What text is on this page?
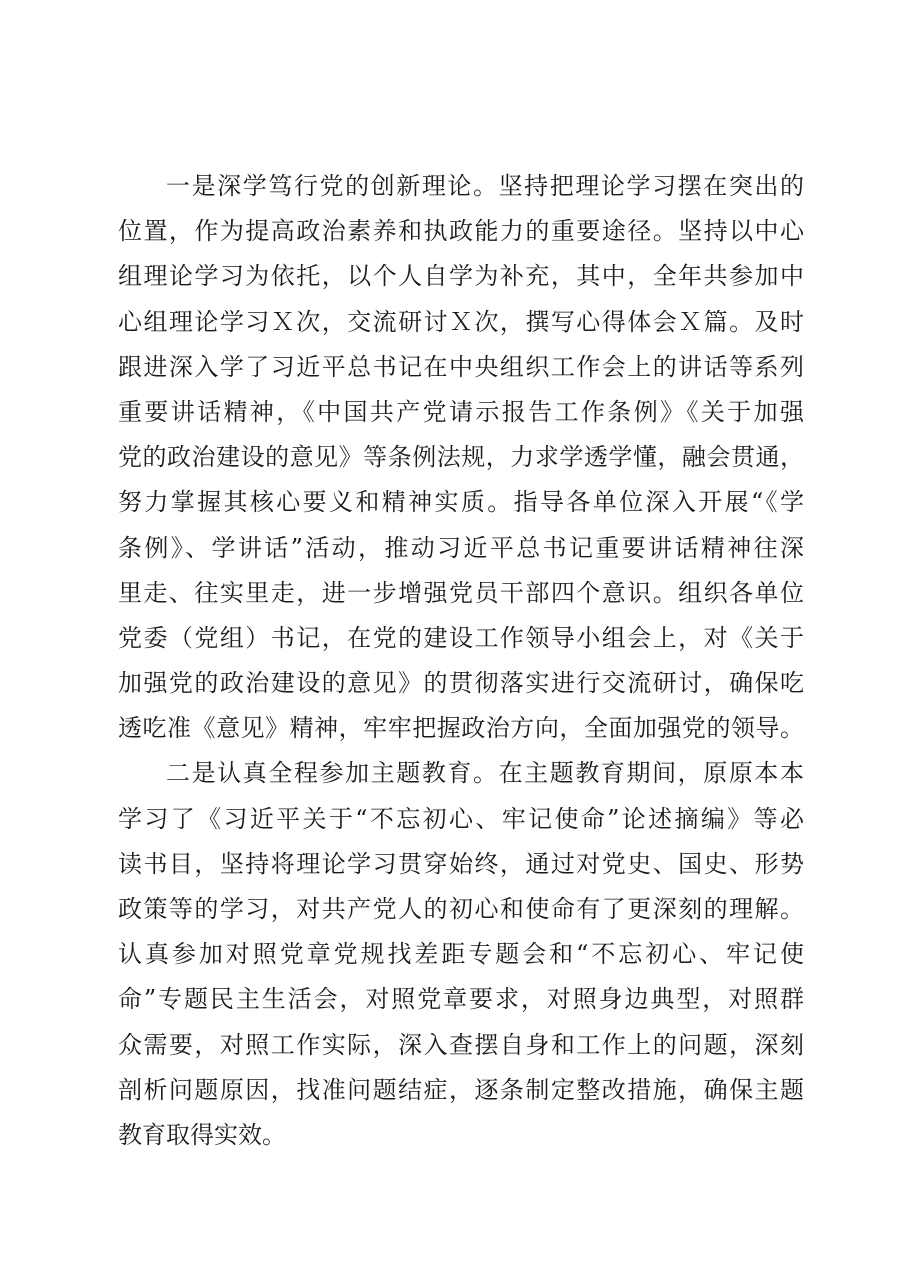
一是深学笃行党的创新理论。坚持把理论学习摆在突出的
位置，作为提高政治素养和执政能力的重要途径。坚持以中心
组理论学习为依托，以个人自学为补充，其中，全年共参加中
心组理论学习Ｘ次，交流研讨Ｘ次，撰写心得体会Ｘ篇。及时
跟进深入学了习近平总书记在中央组织工作会上的讲话等系列
重要讲话精神，《中国共产党请示报告工作条例》《关于加强
党的政治建设的意见》等条例法规，力求学透学懂，融会贯通，
努力掌握其核心要义和精神实质。指导各单位深入开展“《学
条例》、学讲话”活动，推动习近平总书记重要讲话精神往深
里走、往实里走，进一步增强党员干部四个意识。组织各单位
党委（党组）书记，在党的建设工作领导小组会上，对《关于
加强党的政治建设的意见》的贯彻落实进行交流研讨，确保吃
透吃准《意见》精神，牢牢把握政治方向，全面加强党的领导。
二是认真全程参加主题教育。在主题教育期间，原原本本
学习了《习近平关于“不忘初心、牢记使命”论述摘编》等必
读书目，坚持将理论学习贯穿始终，通过对党史、国史、形势
政策等的学习，对共产党人的初心和使命有了更深刻的理解。
认真参加对照党章党规找差距专题会和“不忘初心、牢记使
命”专题民主生活会，对照党章要求，对照身边典型，对照群
众需要，对照工作实际，深入查摆自身和工作上的问题，深刻
剖析问题原因，找准问题结症，逐条制定整改措施，确保主题
教育取得实效。
